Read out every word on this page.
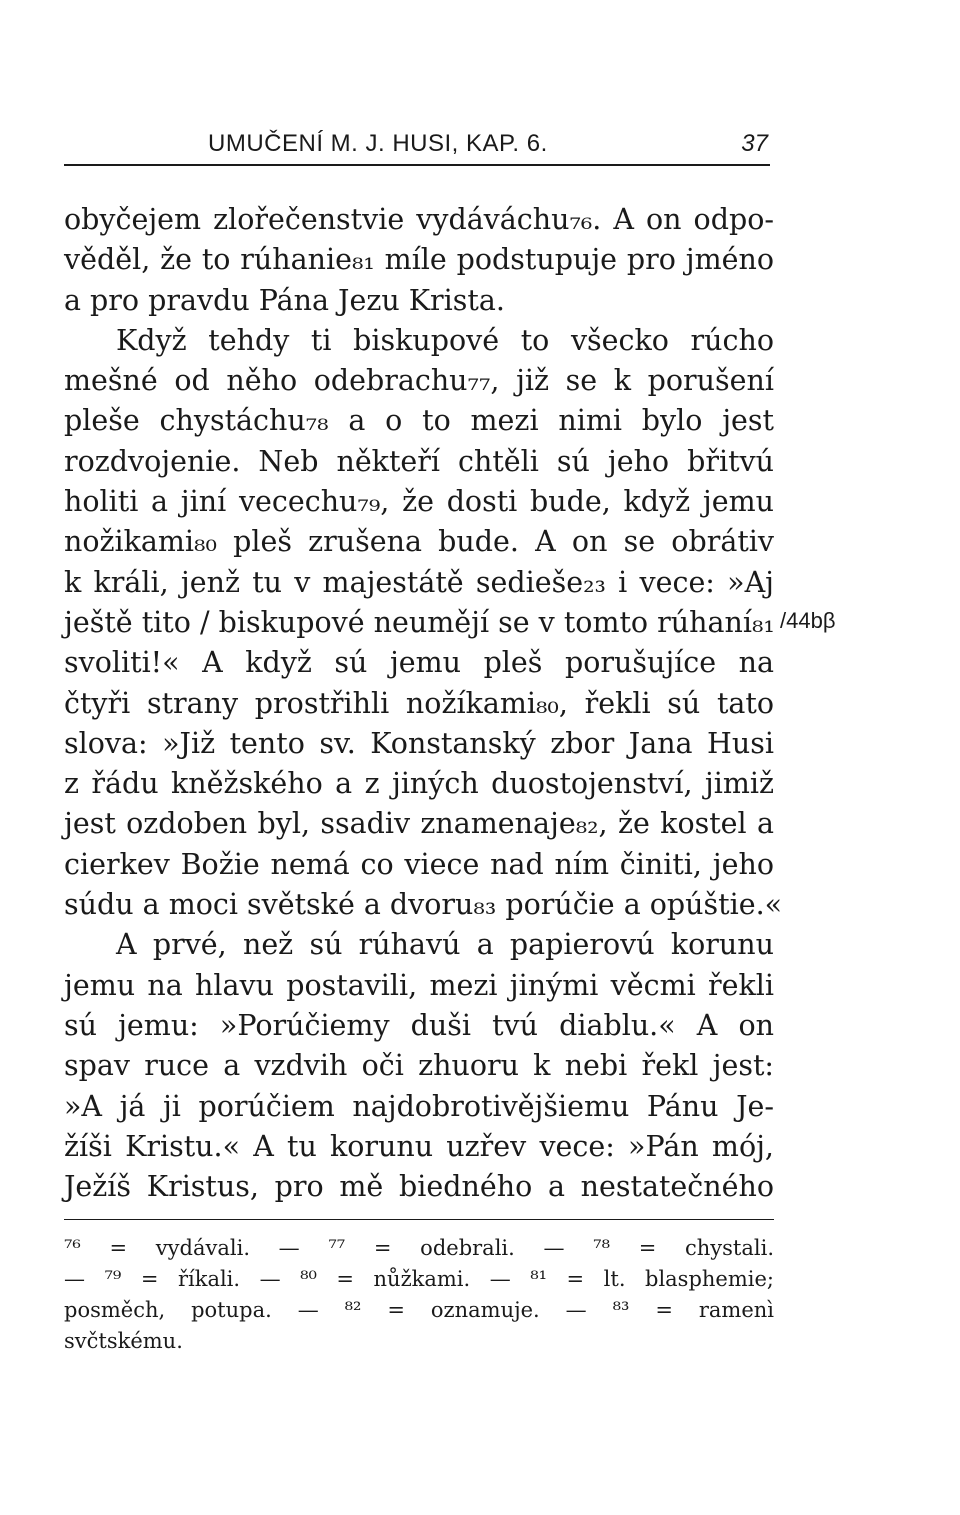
UMUČENÍ M. J. HUSI, KAP. 6.	37
obyčejem zlořečenstvie vydáváchu₇₆. A on odpo-
věděl, že to rúhanie₈₁ míle podstupuje pro jméno
a pro pravdu Pána Jezu Krista.
Když tehdy ti biskupové to všecko rúcho
mešné od něho odebrachu₇₇, již se k porušení
pleše chystáchu₇₈ a o to mezi nimi bylo jest
rozdvojenie. Neb někteří chtěli sú jeho břitvú
holiti a jiní vecechu₇₉, že dosti bude, když jemu
nožikami₈₀ pleš zrušena bude. A on se obrátiv
k králi, jenž tu v majestátě sedieše₂₃ i vece: »Aj
ještě tito / biskupové neumějí se v tomto rúhaní₈₁
svoliti!« A když sú jemu pleš porušujíce na
čtyři strany prostřihli nožíkami₈₀, řekli sú tato
slova: »Již tento sv. Konstanský zbor Jana Husi
z řádu kněžského a z jiných duostojenství, jimiž
jest ozdoben byl, ssadiv znamenaje₈₂, že kostel a
cierkev Božie nemá co viece nad ním činiti, jeho
súdu a moci světské a dvoru₈₃ porúčie a opúštie.«
A prvé, než sú rúhavú a papierovú korunu
jemu na hlavu postavili, mezi jinými věcmi řekli
sú jemu: »Porúčiemy duši tvú diablu.« A on
spav ruce a vzdvih oči zhuoru k nebi řekl jest:
»A já ji porúčiem najdobrotivějšiemu Pánu Je-
žíši Kristu.« A tu korunu uzřev vece: »Pán mój,
Ježíš Kristus, pro mě biedného a nestatečného
/44bβ
⁷⁶ = vydávali. — ⁷⁷ = odebrali. — ⁷⁸ = chystali.
— ⁷⁹ = říkali. — ⁸⁰ = nůžkami. — ⁸¹ = lt. blasphemie;
posměch, potupa. — ⁸² = oznamuje. — ⁸³ = ramenì
svčtskému.
